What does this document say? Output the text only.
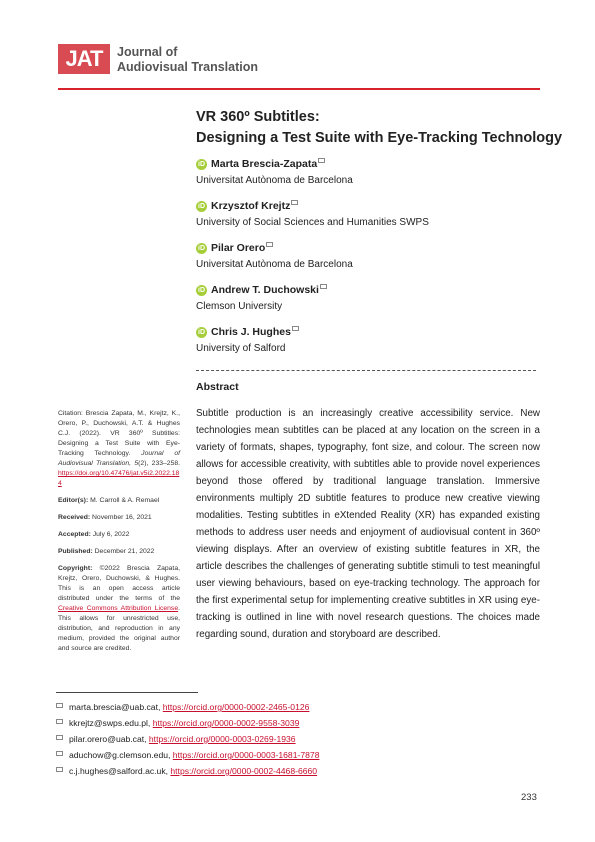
JAT	Journal of
Audiovisual Translation
VR 360º Subtitles:
Designing a Test Suite with Eye-Tracking Technology
iD Marta Brescia-Zapata
Universitat Autònoma de Barcelona
iD Krzysztof Krejtz
University of Social Sciences and Humanities SWPS
iD Pilar Orero
Universitat Autònoma de Barcelona
iD Andrew T. Duchowski
Clemson University
iD Chris J. Hughes
University of Salford
Abstract
Subtitle production is an increasingly creative accessibility service. New technologies mean subtitles can be placed at any location on the screen in a variety of formats, shapes, typography, font size, and colour. The screen now allows for accessible creativity, with subtitles able to provide novel experiences beyond those offered by traditional language translation. Immersive environments multiply 2D subtitle features to produce new creative viewing modalities. Testing subtitles in eXtended Reality (XR) has expanded existing methods to address user needs and enjoyment of audiovisual content in 360º viewing displays. After an overview of existing subtitle features in XR, the article describes the challenges of generating subtitle stimuli to test meaningful user viewing behaviours, based on eye-tracking technology. The approach for the first experimental setup for implementing creative subtitles in XR using eye-tracking is outlined in line with novel research questions. The choices made regarding sound, duration and storyboard are described.
Citation: Brescia Zapata, M., Krejtz, K., Orero, P., Duchowski, A.T. & Hughes C.J. (2022). VR 360º Subtitles: Designing a Test Suite with Eye-Tracking Technology. Journal of Audiovisual Translation, 5(2), 233–258. https://doi.org/10.47476/jat.v5i2.2022.184
Editor(s): M. Carroll & A. Remael
Received: November 16, 2021
Accepted: July 6, 2022
Published: December 21, 2022
Copyright: ©2022 Brescia Zapata, Krejtz, Orero, Duchowski, & Hughes. This is an open access article distributed under the terms of the Creative Commons Attribution License. This allows for unrestricted use, distribution, and reproduction in any medium, provided the original author and source are credited.
marta.brescia@uab.cat,
https://orcid.org/0000-0002-2465-0126
kkrejtz@swps.edu.pl,
https://orcid.org/0000-0002-9558-3039
pilar.orero@uab.cat,
https://orcid.org/0000-0003-0269-1936
aduchow@g.clemson.edu,
https://orcid.org/0000-0003-1681-7878
c.j.hughes@salford.ac.uk,
https://orcid.org/0000-0002-4468-6660
233
